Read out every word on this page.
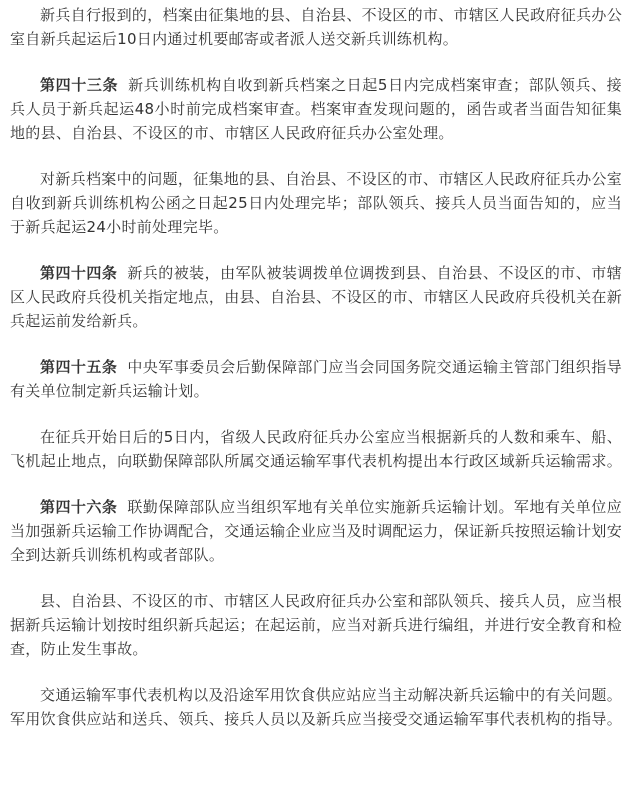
新兵自行报到的，档案由征集地的县、自治县、不设区的市、市辖区人民政府征兵办公室自新兵起运后10日内通过机要邮寄或者派人送交新兵训练机构。

第四十三条 新兵训练机构自收到新兵档案之日起5日内完成档案审查；部队领兵、接兵人员于新兵起运48小时前完成档案审查。档案审查发现问题的，函告或者当面告知征集地的县、自治县、不设区的市、市辖区人民政府征兵办公室处理。

对新兵档案中的问题，征集地的县、自治县、不设区的市、市辖区人民政府征兵办公室自收到新兵训练机构公函之日起25日内处理完毕；部队领兵、接兵人员当面告知的，应当于新兵起运24小时前处理完毕。

第四十四条 新兵的被装，由军队被装调拨单位调拨到县、自治县、不设区的市、市辖区人民政府兵役机关指定地点，由县、自治县、不设区的市、市辖区人民政府兵役机关在新兵起运前发给新兵。

第四十五条 中央军事委员会后勤保障部门应当会同国务院交通运输主管部门组织指导有关单位制定新兵运输计划。

在征兵开始日后的5日内，省级人民政府征兵办公室应当根据新兵的人数和乘车、船、飞机起止地点，向联勤保障部队所属交通运输军事代表机构提出本行政区域新兵运输需求。

第四十六条 联勤保障部队应当组织军地有关单位实施新兵运输计划。军地有关单位应当加强新兵运输工作协调配合，交通运输企业应当及时调配运力，保证新兵按照运输计划安全到达新兵训练机构或者部队。

县、自治县、不设区的市、市辖区人民政府征兵办公室和部队领兵、接兵人员，应当根据新兵运输计划按时组织新兵起运；在起运前，应当对新兵进行编组，并进行安全教育和检查，防止发生事故。

交通运输军事代表机构以及沿途军用饮食供应站应当主动解决新兵运输中的有关问题。军用饮食供应站和送兵、领兵、接兵人员以及新兵应当接受交通运输军事代表机构的指导。
